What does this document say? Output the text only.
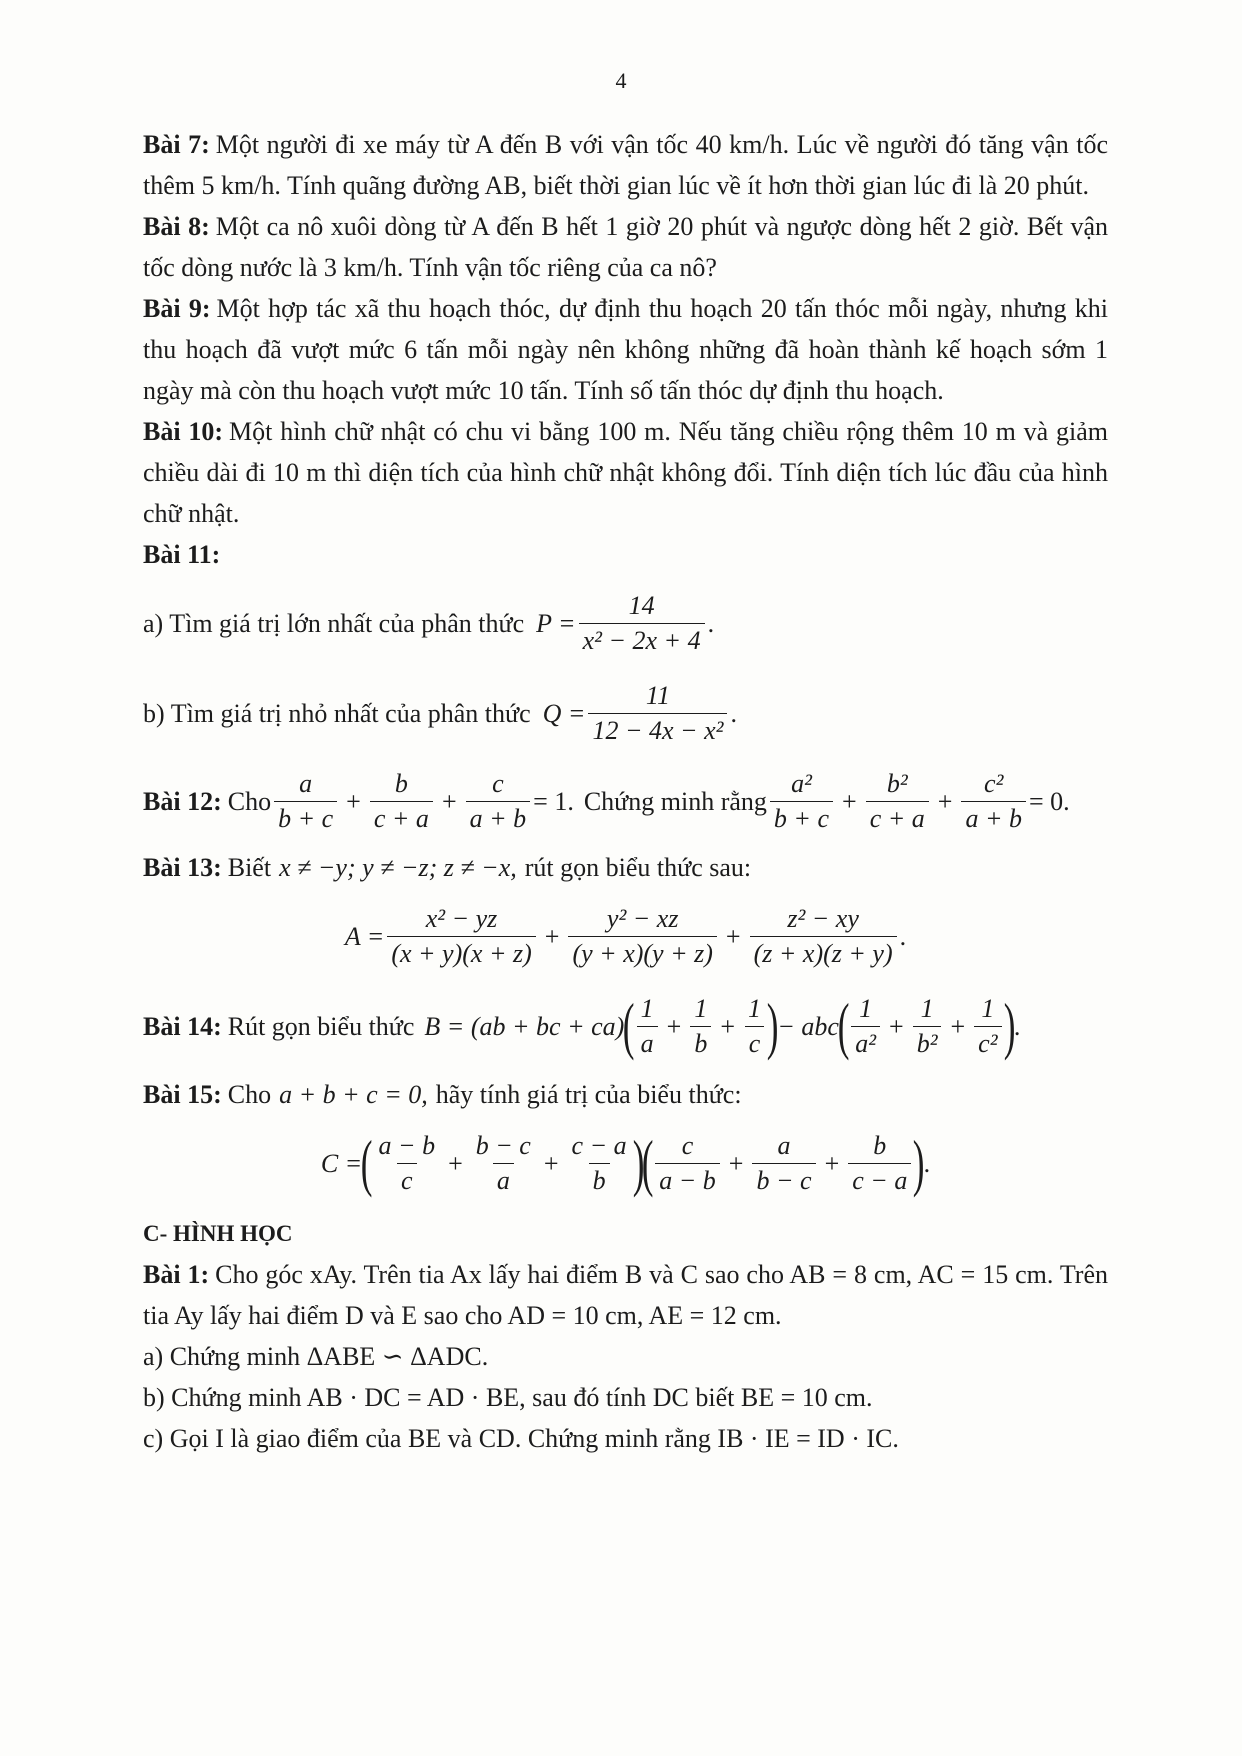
4

Bài 7: Một người đi xe máy từ A đến B với vận tốc 40 km/h. Lúc về người đó tăng vận tốc thêm 5 km/h. Tính quãng đường AB, biết thời gian lúc về ít hơn thời gian lúc đi là 20 phút.

Bài 8: Một ca nô xuôi dòng từ A đến B hết 1 giờ 20 phút và ngược dòng hết 2 giờ. Bết vận tốc dòng nước là 3 km/h. Tính vận tốc riêng của ca nô?

Bài 9: Một hợp tác xã thu hoạch thóc, dự định thu hoạch 20 tấn thóc mỗi ngày, nhưng khi thu hoạch đã vượt mức 6 tấn mỗi ngày nên không những đã hoàn thành kế hoạch sớm 1 ngày mà còn thu hoạch vượt mức 10 tấn. Tính số tấn thóc dự định thu hoạch.

Bài 10: Một hình chữ nhật có chu vi bằng 100 m. Nếu tăng chiều rộng thêm 10 m và giảm chiều dài đi 10 m thì diện tích của hình chữ nhật không đổi. Tính diện tích lúc đầu của hình chữ nhật.

Bài 11:

a) Tìm giá trị lớn nhất của phân thức $P = \frac{14}{\text{x² − 2x + 4}}$ .
b) Tìm giá trị nhỏ nhất của phân thức $Q = \frac{11}{\text{12 − 4x − x²}}$ .
Bài 12: Cho $\frac{a}{b + c} + \frac{b}{c + a} + \frac{c}{a + b} = 1$. Chứng minh rằng $\frac{\text{a²}}{b + c} + \frac{\text{b²}}{c + a} + \frac{\text{c²}}{a + b} = 0$.
Bài 13: Biết x ≠ −y; y ≠ −z; z ≠ −x, rút gọn biểu thức sau:
$A = \frac{\text{x² − yz}}{(x + y)(x + z)} + \frac{\text{y² − xz}}{(y + x)(y + z)} + \frac{\text{z² − xy}}{(z + x)(z + y)}$ .
Bài 14: Rút gọn biểu thức B = (ab + bc + ca)
( $\frac{1}{a} + \frac{1}{b} + \frac{1}{c}$ )
− abc
( $\frac{1}{\text{a²}} + \frac{1}{\text{b²}} + \frac{1}{\text{c²}}$ )
.
Bài 15: Cho a + b + c = 0, hãy tính giá trị của biểu thức:
C =
( $\frac{a - b}{c} + \frac{b - c}{a} + \frac{c - a}{b}$ )
( $\frac{c}{a - b} + \frac{a}{b - c} + \frac{b}{c - a}$ )
.
C- HÌNH HỌC

Bài 1: Cho góc xAy. Trên tia Ax lấy hai điểm B và C sao cho AB = 8 cm, AC = 15 cm. Trên tia Ay lấy hai điểm D và E sao cho AD = 10 cm, AE = 12 cm.

a) Chứng minh ΔABE ∽ ΔADC.

b) Chứng minh AB · DC = AD · BE, sau đó tính DC biết BE = 10 cm.

c) Gọi I là giao điểm của BE và CD. Chứng minh rằng IB · IE = ID · IC.
